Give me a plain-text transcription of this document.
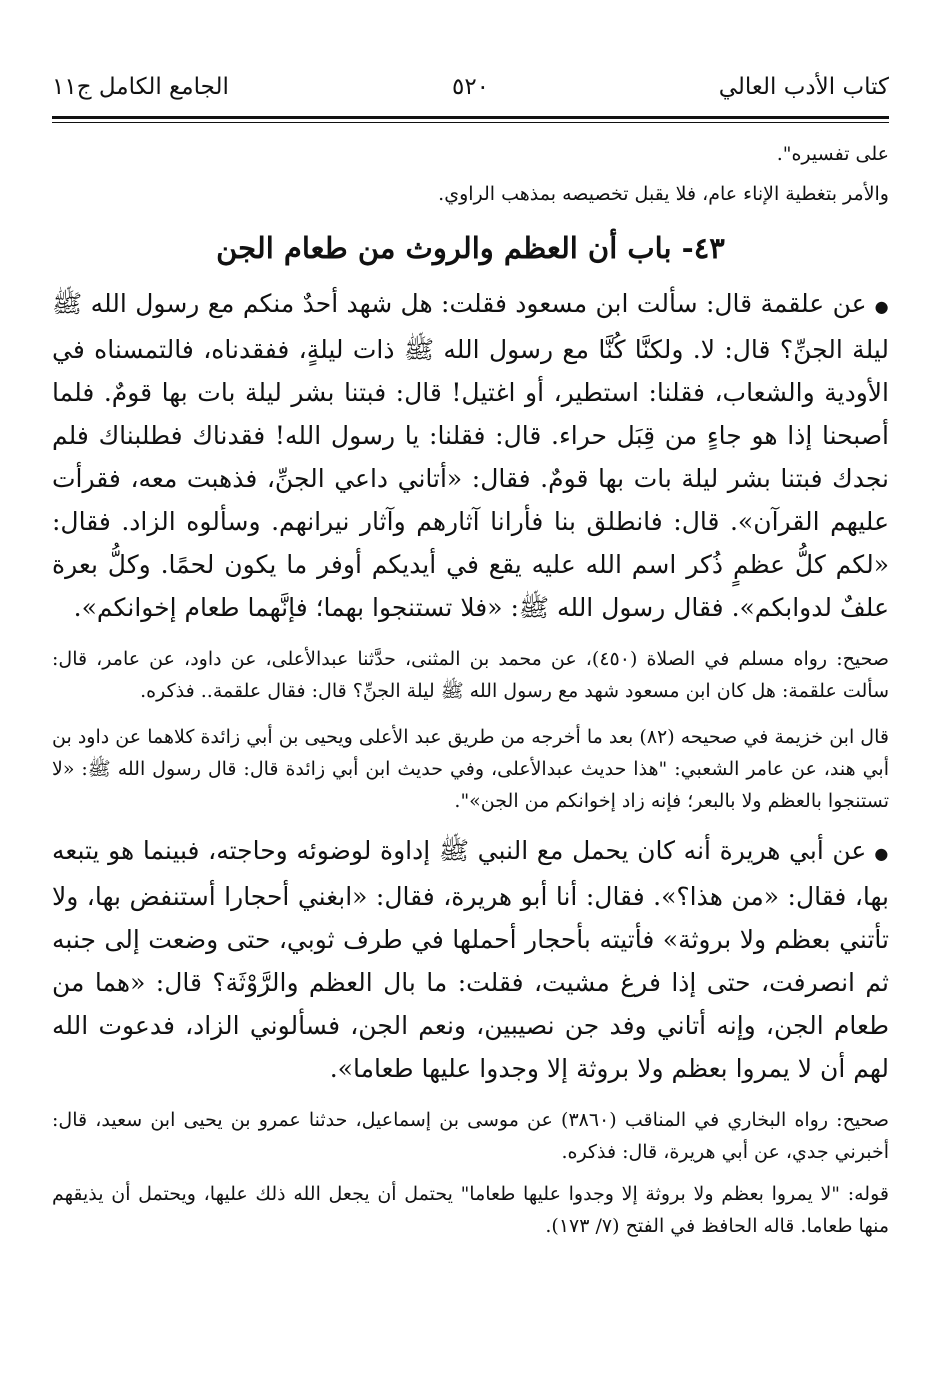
كتاب الأدب العالي
٥٢٠
الجامع الكامل ج١١

على تفسيره".

والأمر بتغطية الإناء عام، فلا يقبل تخصيصه بمذهب الراوي.

٤٣- باب أن العظم والروث من طعام الجن

●عن علقمة قال: سألت ابن مسعود فقلت: هل شهد أحدٌ منكم مع رسول الله ﷺ ليلة الجنِّ؟ قال: لا. ولكنَّا كُنَّا مع رسول الله ﷺ ذات ليلةٍ، ففقدناه، فالتمسناه في الأودية والشعاب، فقلنا: استطير، أو اغتيل! قال: فبتنا بشر ليلة بات بها قومٌ. فلما أصبحنا إذا هو جاءٍ من قِبَل حراء. قال: فقلنا: يا رسول الله! فقدناك فطلبناك فلم نجدك فبتنا بشر ليلة بات بها قومٌ. فقال: «أتاني داعي الجنِّ، فذهبت معه، فقرأت عليهم القرآن». قال: فانطلق بنا فأرانا آثارهم وآثار نيرانهم. وسألوه الزاد. فقال: «لكم كلُّ عظمٍ ذُكر اسم الله عليه يقع في أيديكم أوفر ما يكون لحمًا. وكلُّ بعرة علفٌ لدوابكم». فقال رسول الله ﷺ: «فلا تستنجوا بهما؛ فإنَّهما طعام إخوانكم».

صحيح: رواه مسلم في الصلاة (٤٥٠)، عن محمد بن المثنى، حدَّثنا عبدالأعلى، عن داود، عن عامر، قال: سألت علقمة: هل كان ابن مسعود شهد مع رسول الله ﷺ ليلة الجنِّ؟ قال: فقال علقمة.. فذكره.

قال ابن خزيمة في صحيحه (٨٢) بعد ما أخرجه من طريق عبد الأعلى ويحيى بن أبي زائدة كلاهما عن داود بن أبي هند، عن عامر الشعبي: "هذا حديث عبدالأعلى، وفي حديث ابن أبي زائدة قال: قال رسول الله ﷺ: «لا تستنجوا بالعظم ولا بالبعر؛ فإنه زاد إخوانكم من الجن»".

●عن أبي هريرة أنه كان يحمل مع النبي ﷺ إداوة لوضوئه وحاجته، فبينما هو يتبعه بها، فقال: «من هذا؟». فقال: أنا أبو هريرة، فقال: «ابغني أحجارا أستنفض بها، ولا تأتني بعظم ولا بروثة» فأتيته بأحجار أحملها في طرف ثوبي، حتى وضعت إلى جنبه ثم انصرفت، حتى إذا فرغ مشيت، فقلت: ما بال العظم والرَّوْثَة؟ قال: «هما من طعام الجن، وإنه أتاني وفد جن نصيبين، ونعم الجن، فسألوني الزاد، فدعوت الله لهم أن لا يمروا بعظم ولا بروثة إلا وجدوا عليها طعاما».

صحيح: رواه البخاري في المناقب (٣٨٦٠) عن موسى بن إسماعيل، حدثنا عمرو بن يحيى ابن سعيد، قال: أخبرني جدي، عن أبي هريرة، قال: فذكره.

قوله: "لا يمروا بعظم ولا بروثة إلا وجدوا عليها طعاما" يحتمل أن يجعل الله ذلك عليها، ويحتمل أن يذيقهم منها طعاما. قاله الحافظ في الفتح (٧/ ١٧٣).
